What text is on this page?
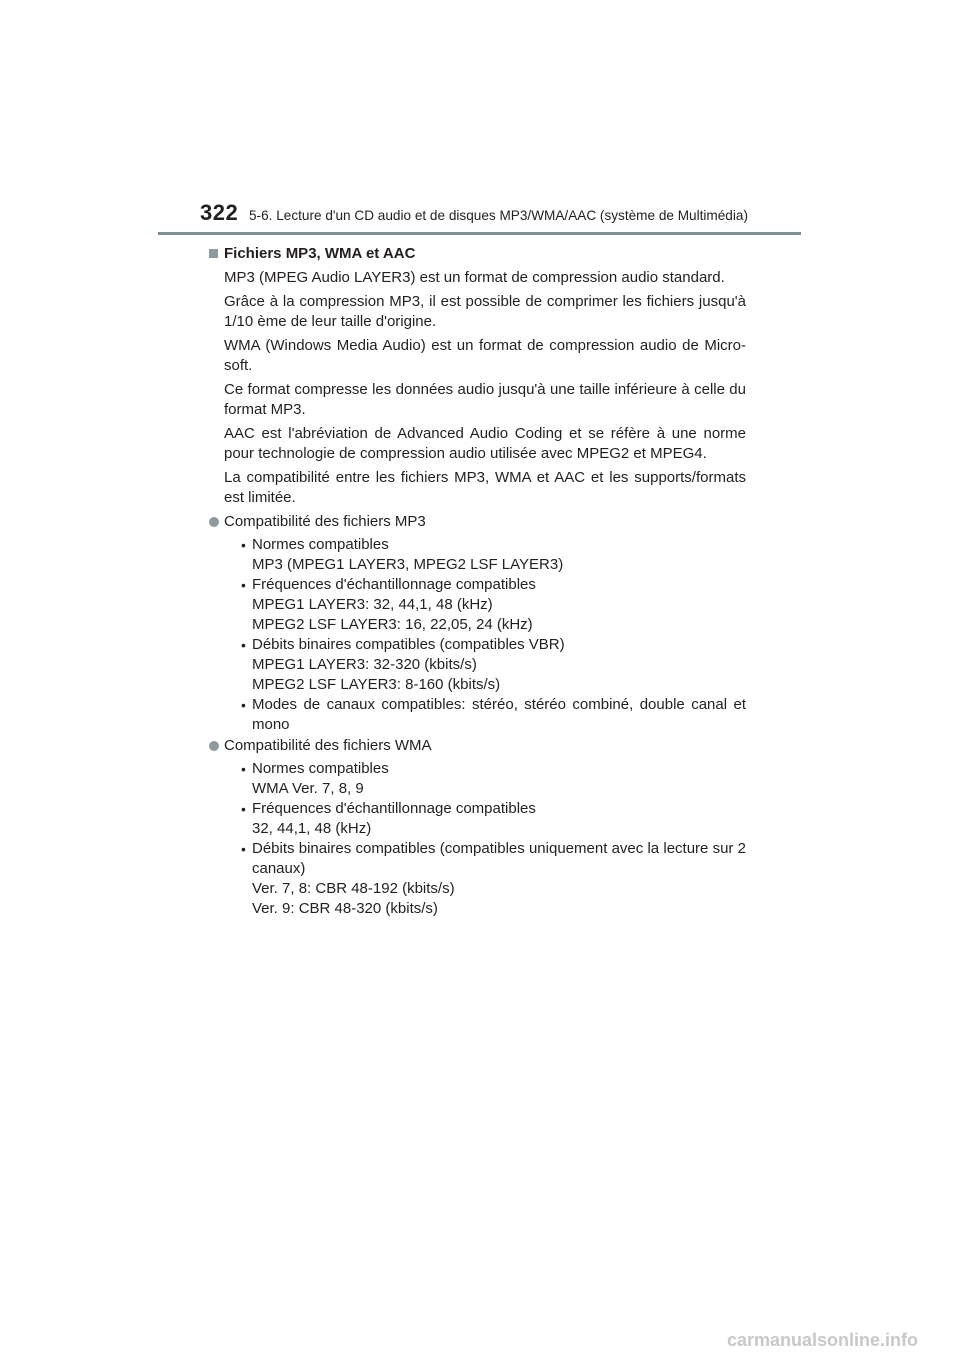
322 5-6. Lecture d'un CD audio et de disques MP3/WMA/AAC (système de Multimédia)
Fichiers MP3, WMA et AAC
MP3 (MPEG Audio LAYER3) est un format de compression audio standard.
Grâce à la compression MP3, il est possible de comprimer les fichiers jusqu'à 1/10 ème de leur taille d'origine.
WMA (Windows Media Audio) est un format de compression audio de Micro- soft.
Ce format compresse les données audio jusqu'à une taille inférieure à celle du format MP3.
AAC est l'abréviation de Advanced Audio Coding et se réfère à une norme pour technologie de compression audio utilisée avec MPEG2 et MPEG4.
La compatibilité entre les fichiers MP3, WMA et AAC et les supports/formats est limitée.
Compatibilité des fichiers MP3
• Normes compatibles
MP3 (MPEG1 LAYER3, MPEG2 LSF LAYER3)
• Fréquences d'échantillonnage compatibles
MPEG1 LAYER3: 32, 44,1, 48 (kHz)
MPEG2 LSF LAYER3: 16, 22,05, 24 (kHz)
• Débits binaires compatibles (compatibles VBR)
MPEG1 LAYER3: 32-320 (kbits/s)
MPEG2 LSF LAYER3: 8-160 (kbits/s)
• Modes de canaux compatibles: stéréo, stéréo combiné, double canal et mono
Compatibilité des fichiers WMA
• Normes compatibles
WMA Ver. 7, 8, 9
• Fréquences d'échantillonnage compatibles
32, 44,1, 48 (kHz)
• Débits binaires compatibles (compatibles uniquement avec la lecture sur 2 canaux)
Ver. 7, 8: CBR 48-192 (kbits/s)
Ver. 9: CBR 48-320 (kbits/s)
carmanualsonline.info
